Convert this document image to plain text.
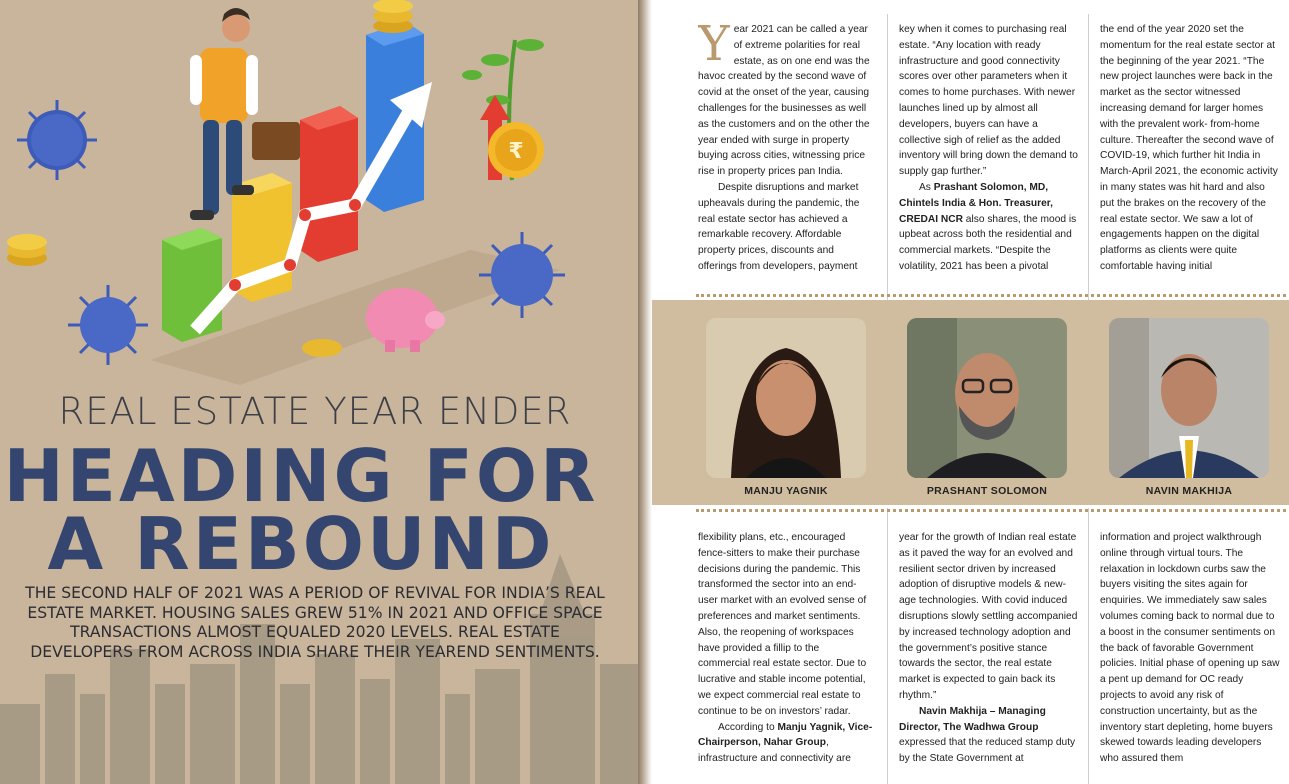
₹
REAL ESTATE YEAR ENDER
HEADING FOR
A REBOUND
THE SECOND HALF OF 2021 WAS A PERIOD OF REVIVAL FOR INDIA’S REAL ESTATE MARKET. HOUSING SALES GREW 51% IN 2021 AND OFFICE SPACE TRANSACTIONS ALMOST EQUALED 2020 LEVELS. REAL ESTATE DEVELOPERS FROM ACROSS INDIA SHARE THEIR YEAREND SENTIMENTS.
Y ear 2021 can be called a year of extreme polarities for real estate, as on one end was the havoc created by the second wave of covid at the onset of the year, causing challenges for the businesses as well as the customers and on the other the year ended with surge in property buying across cities, witnessing price rise in property prices pan India.

Despite disruptions and market upheavals during the pandemic, the real estate sector has achieved a remarkable recovery. Affordable property prices, discounts and offerings from developers, payment

key when it comes to purchasing real estate. “Any location with ready infrastructure and good connectivity scores over other parameters when it comes to home purchases. With newer launches lined up by almost all developers, buyers can have a collective sigh of relief as the added inventory will bring down the demand to supply gap further.”

As Prashant Solomon, MD, Chintels India & Hon. Treasurer, CREDAI NCR also shares, the mood is upbeat across both the residential and commercial markets. “Despite the volatility, 2021 has been a pivotal

the end of the year 2020 set the momentum for the real estate sector at the beginning of the year 2021. “The new project launches were back in the market as the sector witnessed increasing demand for larger homes with the prevalent work- from-home culture. Thereafter the second wave of COVID-19, which further hit India in March-April 2021, the economic activity in many states was hit hard and also put the brakes on the recovery of the real estate sector. We saw a lot of engagements happen on the digital platforms as clients were quite comfortable having initial

MANJU YAGNIK	PRASHANT SOLOMON	NAVIN MAKHIJA

flexibility plans, etc., encouraged fence-sitters to make their purchase decisions during the pandemic. This transformed the sector into an end-user market with an evolved sense of preferences and market sentiments. Also, the reopening of workspaces have provided a fillip to the commercial real estate sector. Due to lucrative and stable income potential, we expect commercial real estate to continue to be on investors’ radar.

According to Manju Yagnik, Vice-Chairperson, Nahar Group, infrastructure and connectivity are

year for the growth of Indian real estate as it paved the way for an evolved and resilient sector driven by increased adoption of disruptive models & new-age technologies. With covid induced disruptions slowly settling accompanied by increased technology adoption and the government’s positive stance towards the sector, the real estate market is expected to gain back its rhythm.”

Navin Makhija – Managing Director, The Wadhwa Group expressed that the reduced stamp duty by the State Government at

information and project walkthrough online through virtual tours. The relaxation in lockdown curbs saw the buyers visiting the sites again for enquiries. We immediately saw sales volumes coming back to normal due to a boost in the consumer sentiments on the back of favorable Government policies. Initial phase of opening up saw a pent up demand for OC ready projects to avoid any risk of construction uncertainty, but as the inventory start depleting, home buyers skewed towards leading developers who assured them
